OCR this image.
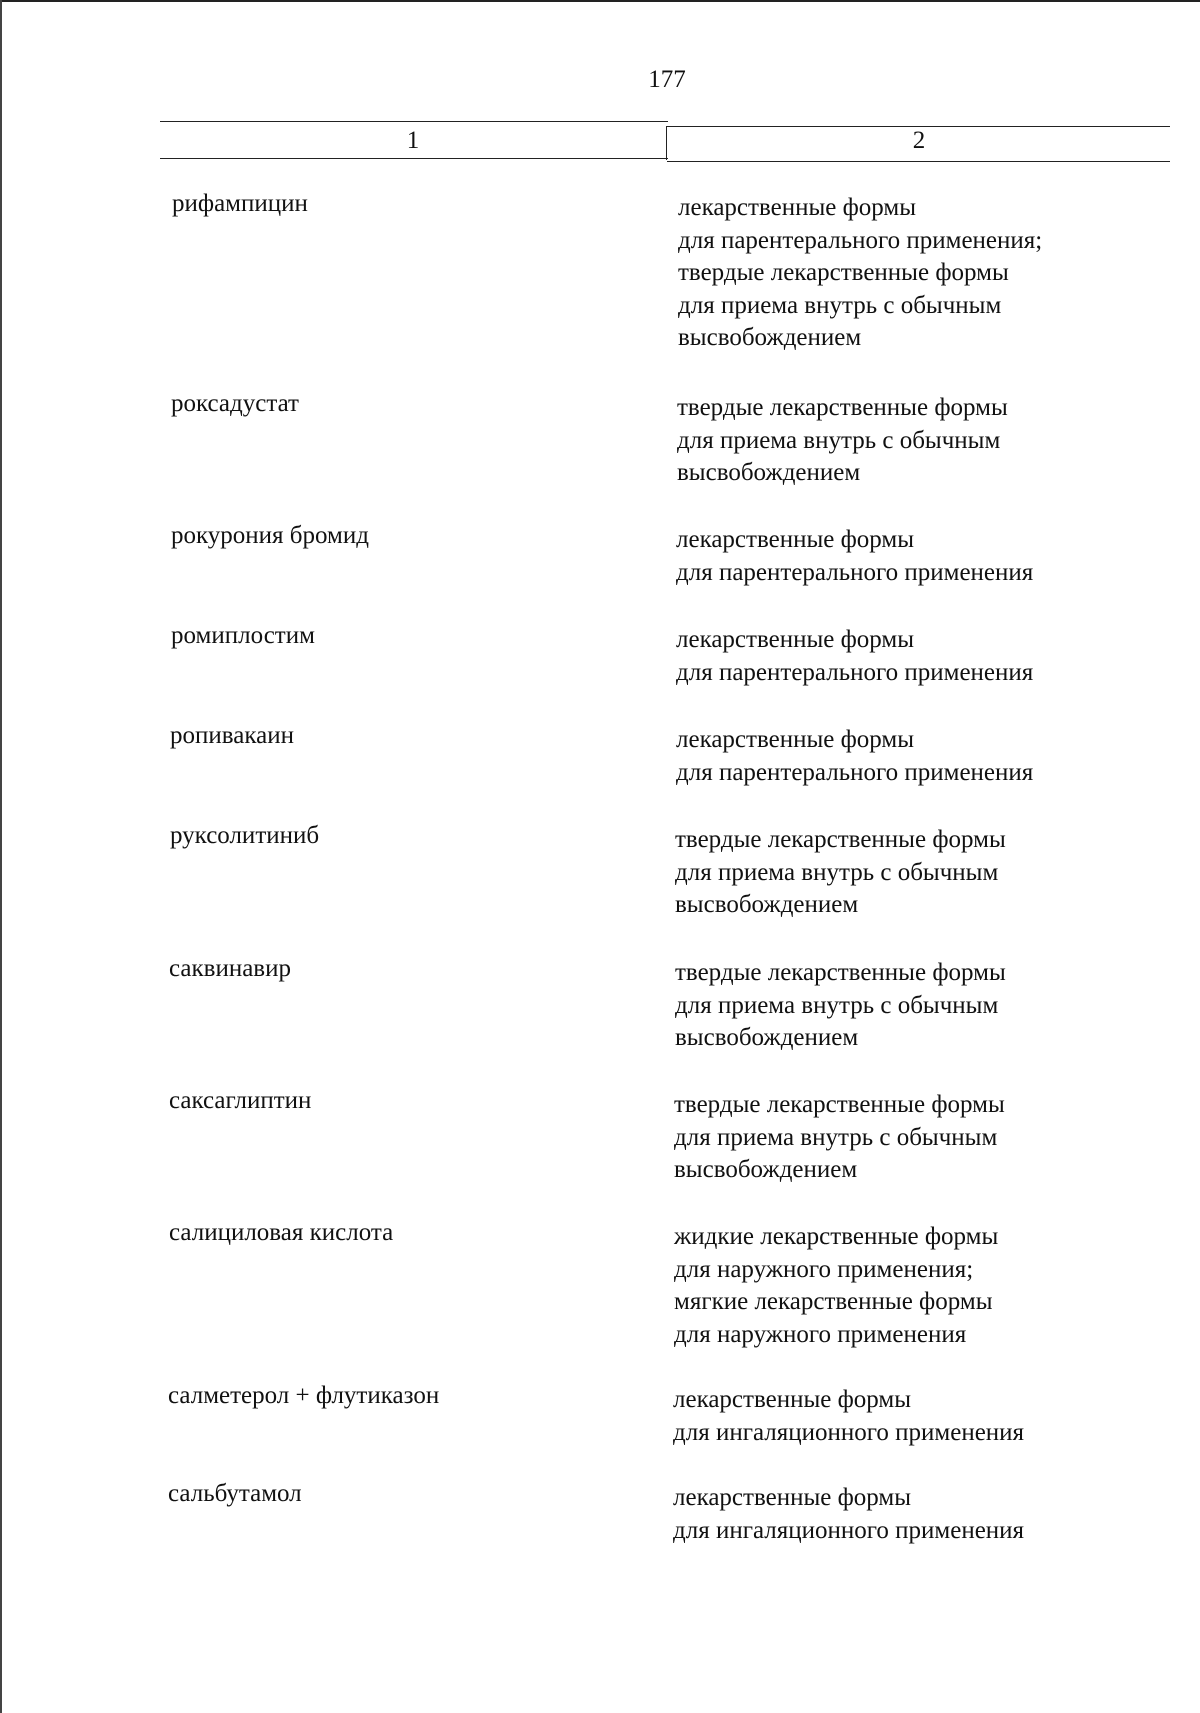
177
1	2
рифампицин	лекарственные формы
для парентерального применения;
твердые лекарственные формы
для приема внутрь с обычным
высвобождением
роксадустат	твердые лекарственные формы
для приема внутрь с обычным
высвобождением
рокурония бромид	лекарственные формы
для парентерального применения
ромиплостим	лекарственные формы
для парентерального применения
ропивакаин	лекарственные формы
для парентерального применения
руксолитиниб	твердые лекарственные формы
для приема внутрь с обычным
высвобождением
саквинавир	твердые лекарственные формы
для приема внутрь с обычным
высвобождением
саксаглиптин	твердые лекарственные формы
для приема внутрь с обычным
высвобождением
салициловая кислота	жидкие лекарственные формы
для наружного применения;
мягкие лекарственные формы
для наружного применения
салметерол + флутиказон	лекарственные формы
для ингаляционного применения
сальбутамол	лекарственные формы
для ингаляционного применения
